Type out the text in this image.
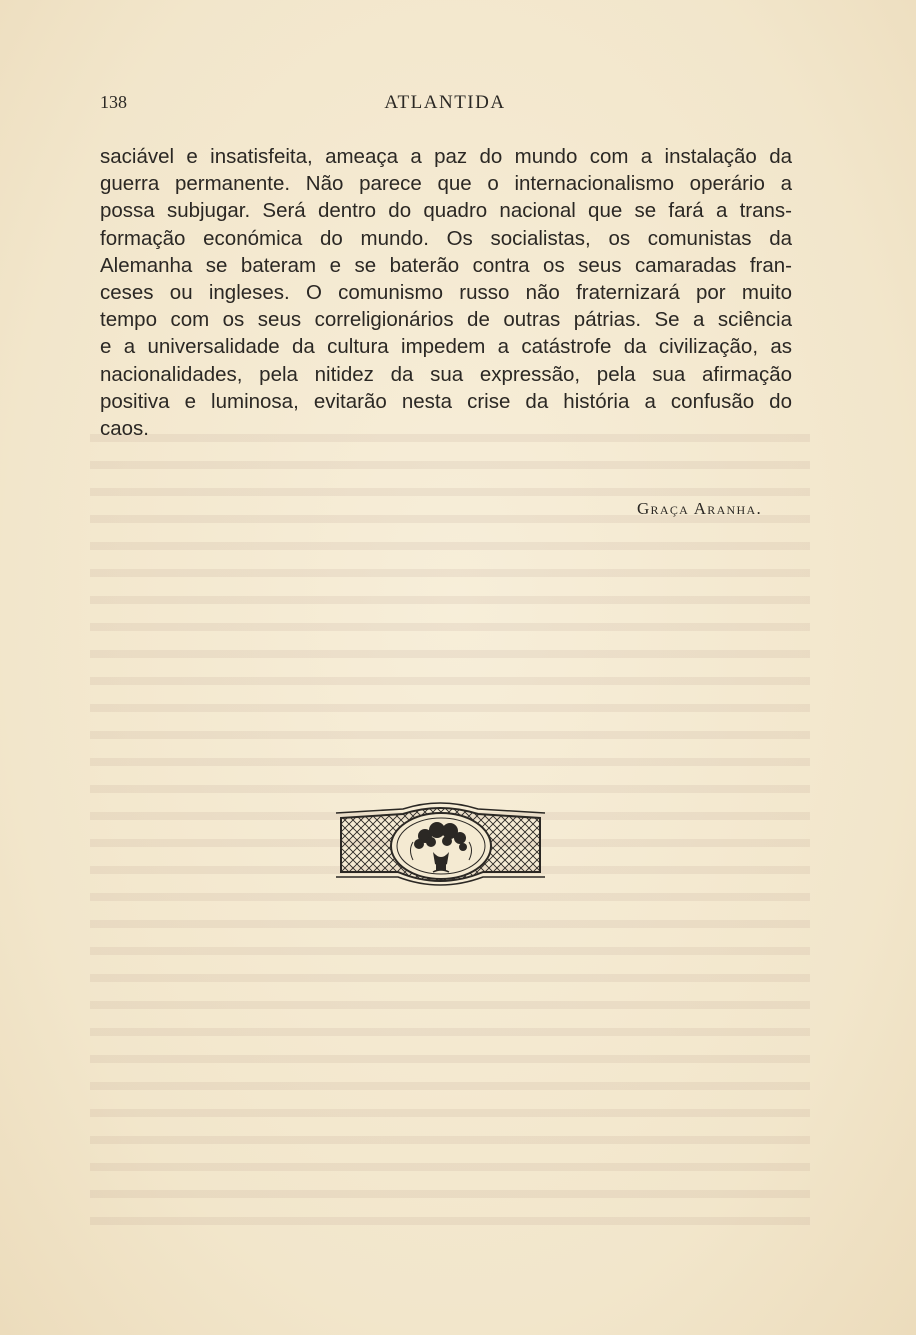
138	ATLANTIDA
saciável e insatisfeita, ameaça a paz do mundo com a instalação da
guerra permanente. Não parece que o internacionalismo operário a
possa subjugar. Será dentro do quadro nacional que se fará a trans-
formação económica do mundo. Os socialistas, os comunistas da
Alemanha se bateram e se baterão contra os seus camaradas fran-
ceses ou ingleses. O comunismo russo não fraternizará por muito
tempo com os seus correligionários de outras pátrias. Se a sciência
e a universalidade da cultura impedem a catástrofe da civilização, as
nacionalidades, pela nitidez da sua expressão, pela sua afirmação
positiva e luminosa, evitarão nesta crise da história a confusão do
caos.
Graça Aranha.
